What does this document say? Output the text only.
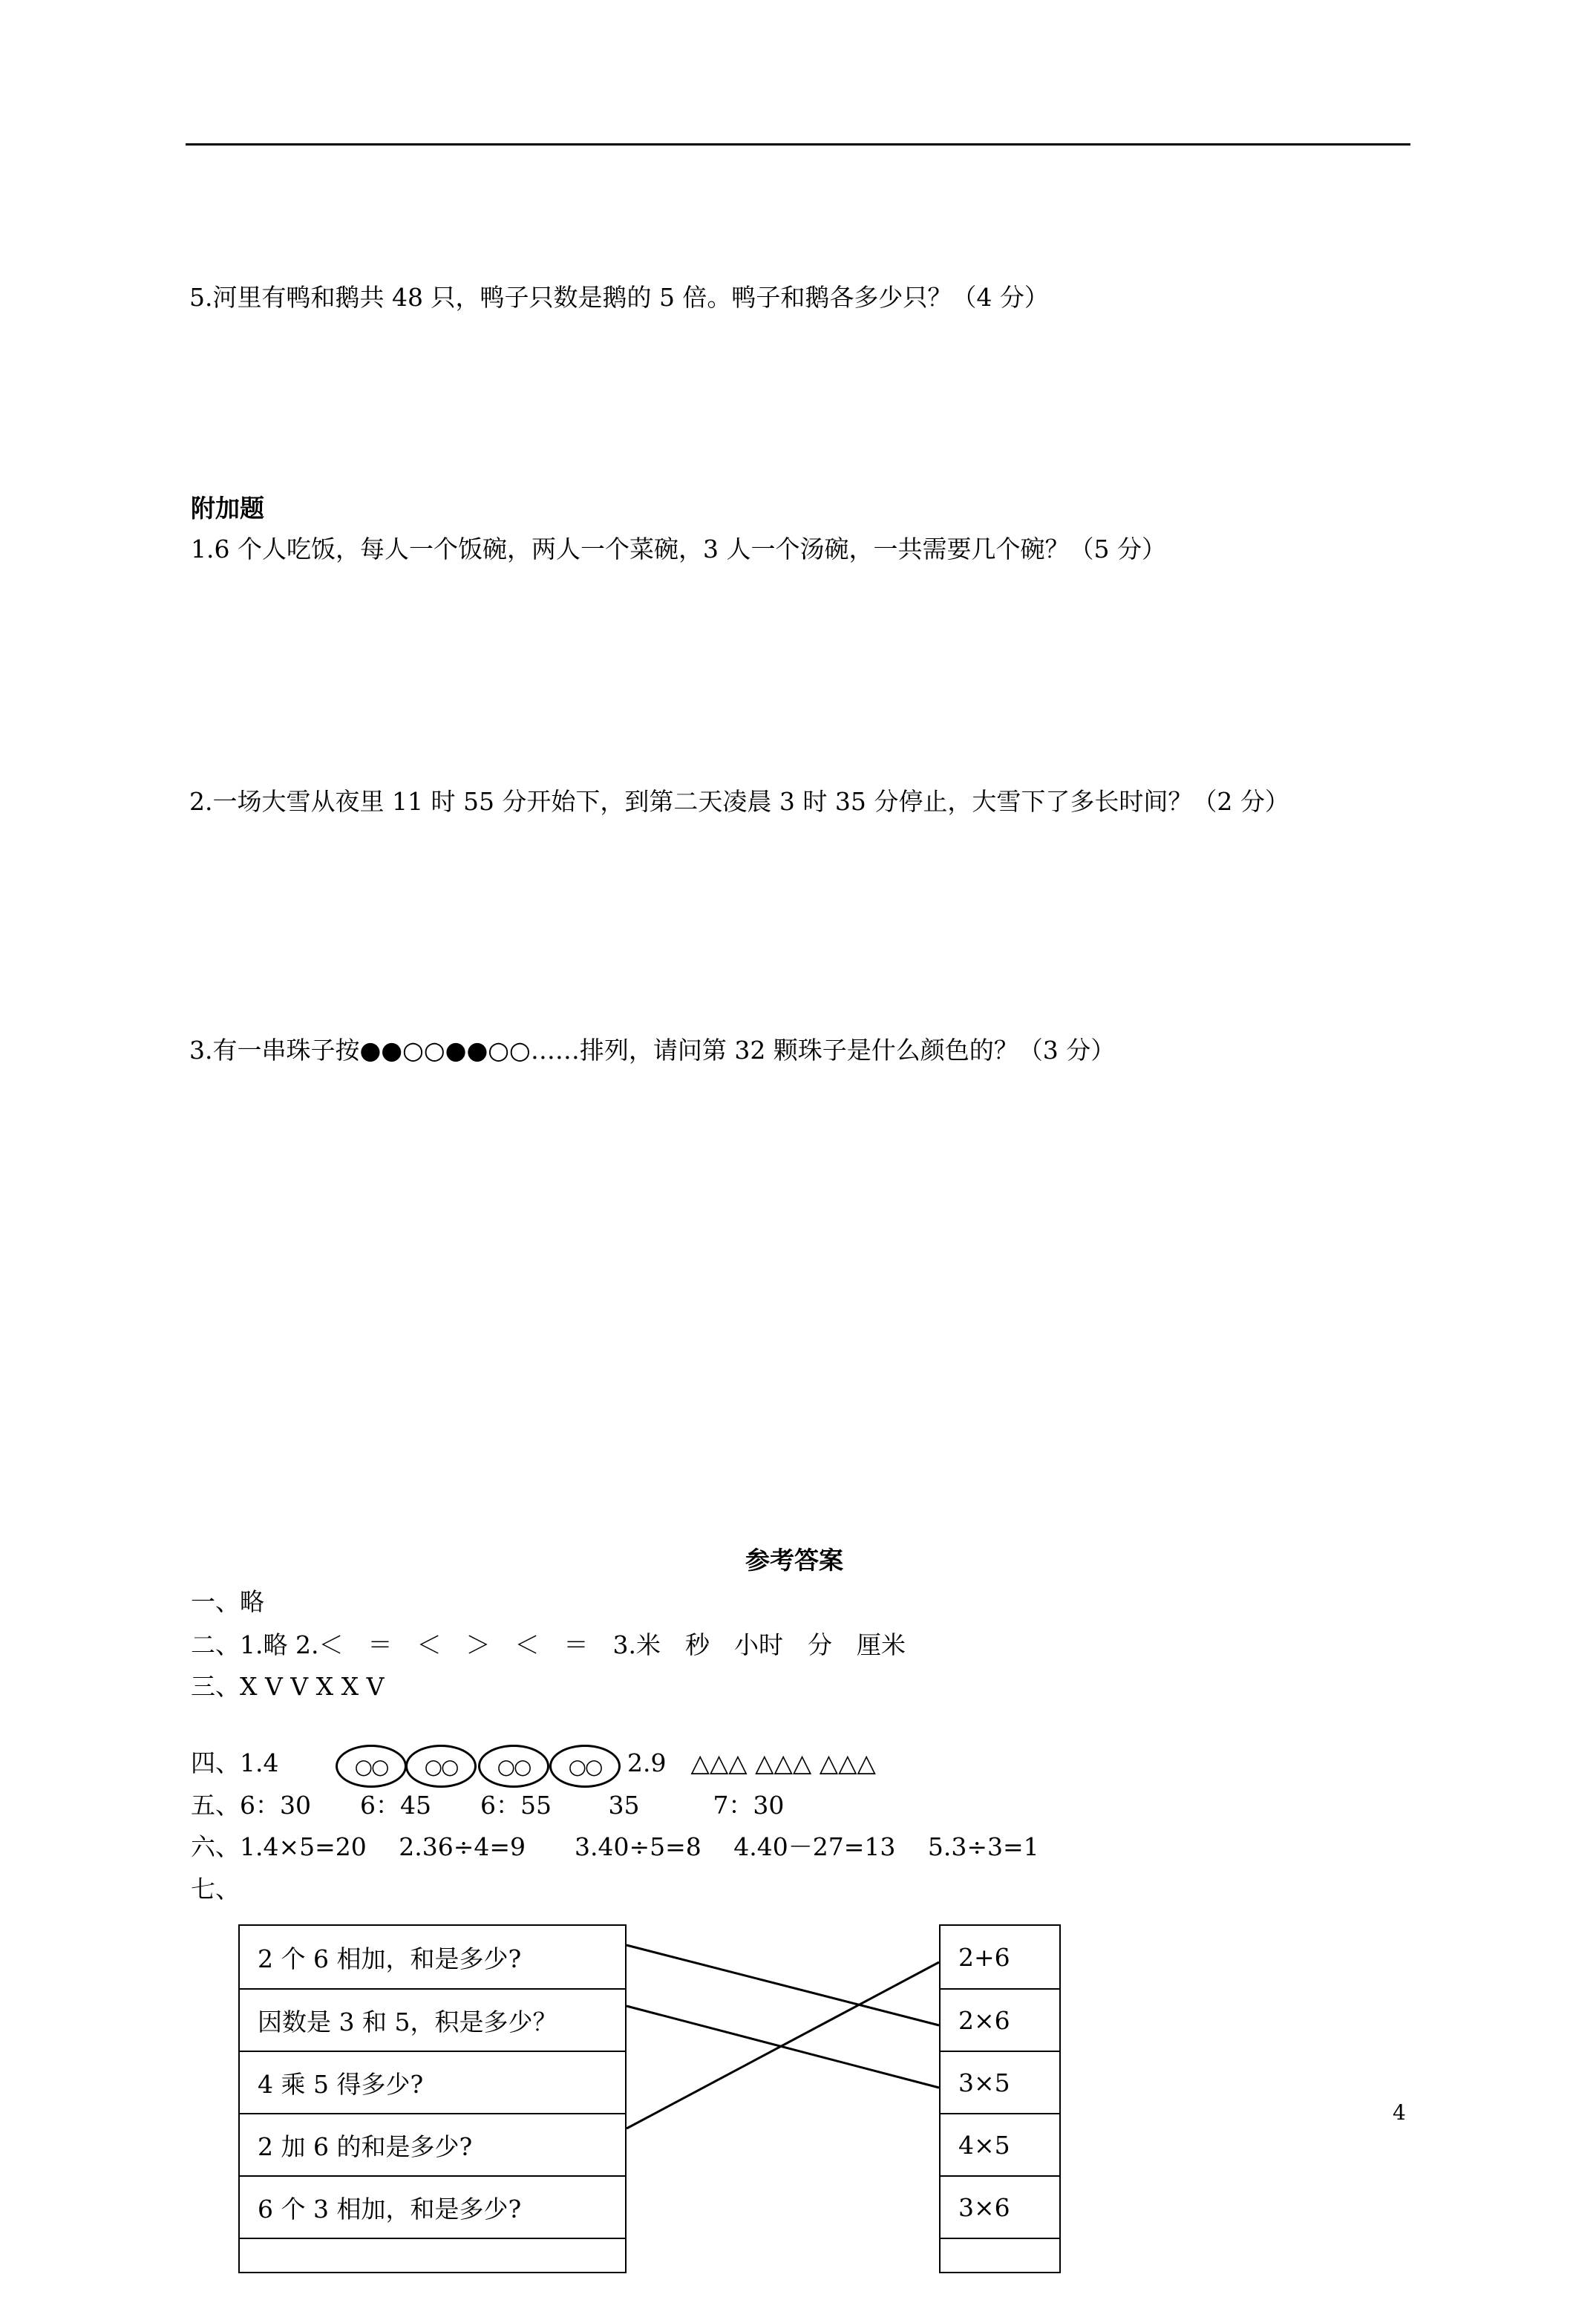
5.河里有鸭和鹅共 48 只，鸭子只数是鹅的 5 倍。鸭子和鹅各多少只？（4 分）
附加题
1.6 个人吃饭，每人一个饭碗，两人一个菜碗，3 人一个汤碗，一共需要几个碗？（5 分）
2.一场大雪从夜里 11 时 55 分开始下，到第二天凌晨 3 时 35 分停止，大雪下了多长时间？（2 分）
3.有一串珠子按●●○○●●○○……排列，请问第 32 颗珠子是什么颜色的？（3 分）
参考答案
一、略
二、1.略 2.＜　＝　＜　＞　＜　＝　3.米　秒　小时　分　厘米
三、X V V X X V
四、1.4	○○	○○	○○	○○	2.9　△△△ △△△ △△△
五、6：30　　6：45　　6：55　　 35　　　7：30
六、1.4×5=20　 2.36÷4=9　　3.40÷5=8　 4.40－27=13　 5.3÷3=1
七、
2 个 6 相加，和是多少?
因数是 3 和 5，积是多少？
4 乘 5 得多少?
2 加 6 的和是多少?
6 个 3 相加，和是多少?
2+6
2×6
3×5
4×5
3×6
4
